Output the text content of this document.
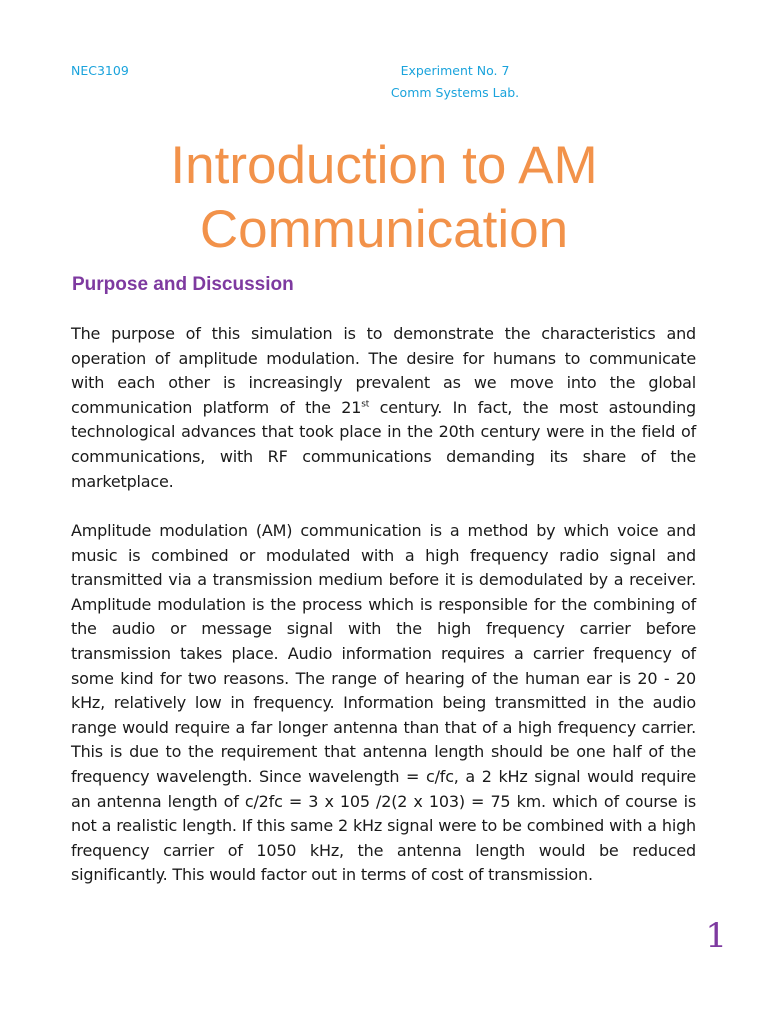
NEC3109	Experiment No. 7
Comm Systems Lab.
Introduction to AM Communication
Purpose and Discussion

The purpose of this simulation is to demonstrate the characteristics and operation of amplitude modulation. The desire for humans to communicate with each other is increasingly prevalent as we move into the global communication platform of the 21st century. In fact, the most astounding technological advances that took place in the 20th century were in the field of communications, with RF communications demanding its share of the marketplace.

Amplitude modulation (AM) communication is a method by which voice and music is combined or modulated with a high frequency radio signal and transmitted via a transmission medium before it is demodulated by a receiver. Amplitude modulation is the process which is responsible for the combining of the audio or message signal with the high frequency carrier before transmission takes place. Audio information requires a carrier frequency of some kind for two reasons. The range of hearing of the human ear is 20 - 20 kHz, relatively low in frequency. Information being transmitted in the audio range would require a far longer antenna than that of a high frequency carrier. This is due to the requirement that antenna length should be one half of the frequency wavelength. Since wavelength = c/fc, a 2 kHz signal would require an antenna length of c/2fc = 3 x 105 /2(2 x 103) = 75 km. which of course is not a realistic length. If this same 2 kHz signal were to be combined with a high frequency carrier of 1050 kHz, the antenna length would be reduced significantly. This would factor out in terms of cost of transmission.

1
